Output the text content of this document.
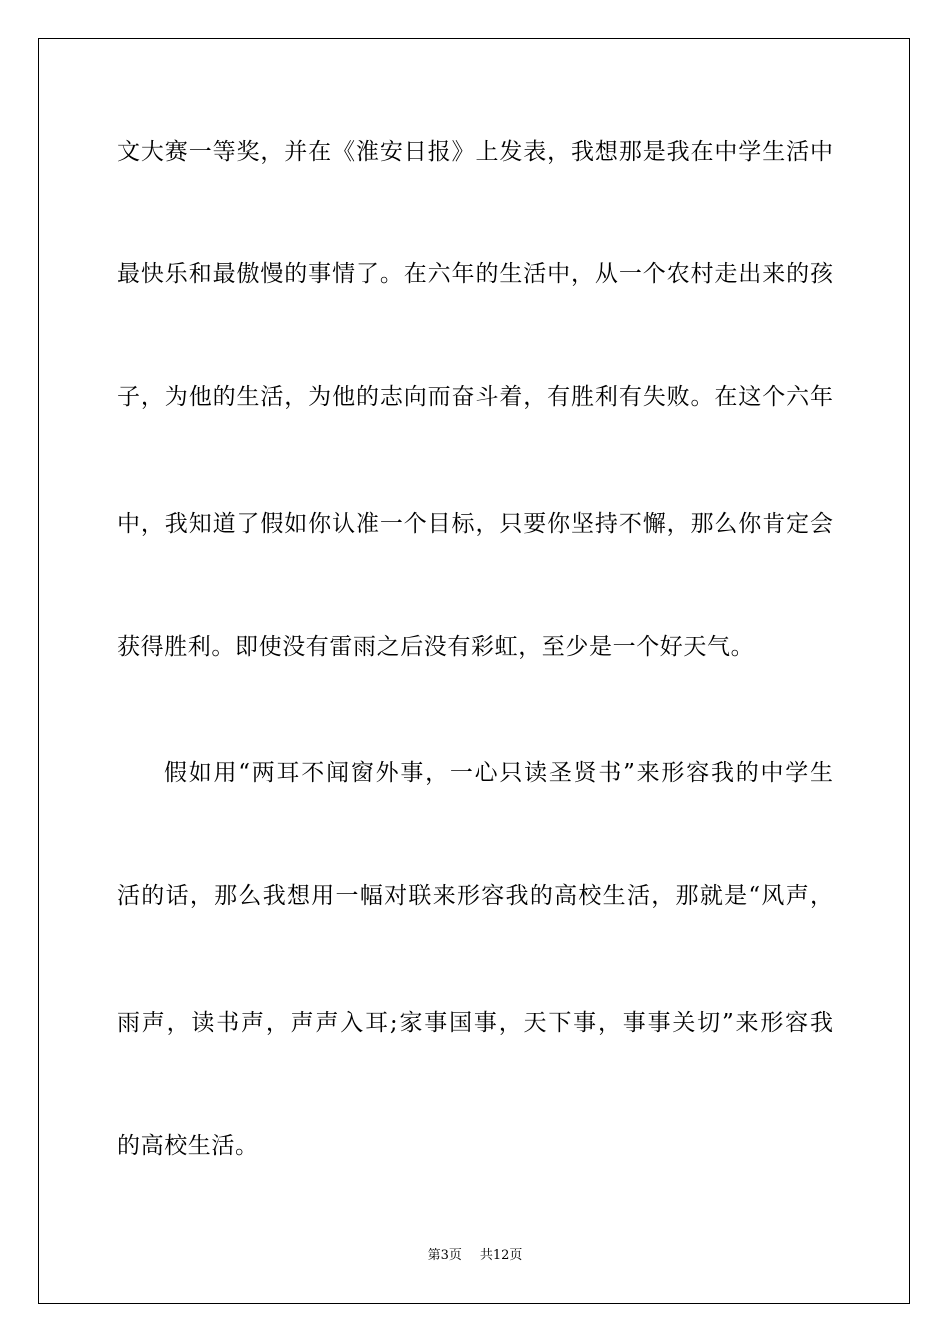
文大赛一等奖，并在《淮安日报》上发表，我想那是我在中学生活中
最快乐和最傲慢的事情了。在六年的生活中，从一个农村走出来的孩
子，为他的生活，为他的志向而奋斗着，有胜利有失败。在这个六年
中，我知道了假如你认准一个目标，只要你坚持不懈，那么你肯定会
获得胜利。即使没有雷雨之后没有彩虹，至少是一个好天气。
假如用“两耳不闻窗外事，一心只读圣贤书”来形容我的中学生
活的话，那么我想用一幅对联来形容我的高校生活，那就是“风声，
雨声，读书声，声声入耳;家事国事，天下事，事事关切”来形容我
的高校生活。
第3页 共12页
